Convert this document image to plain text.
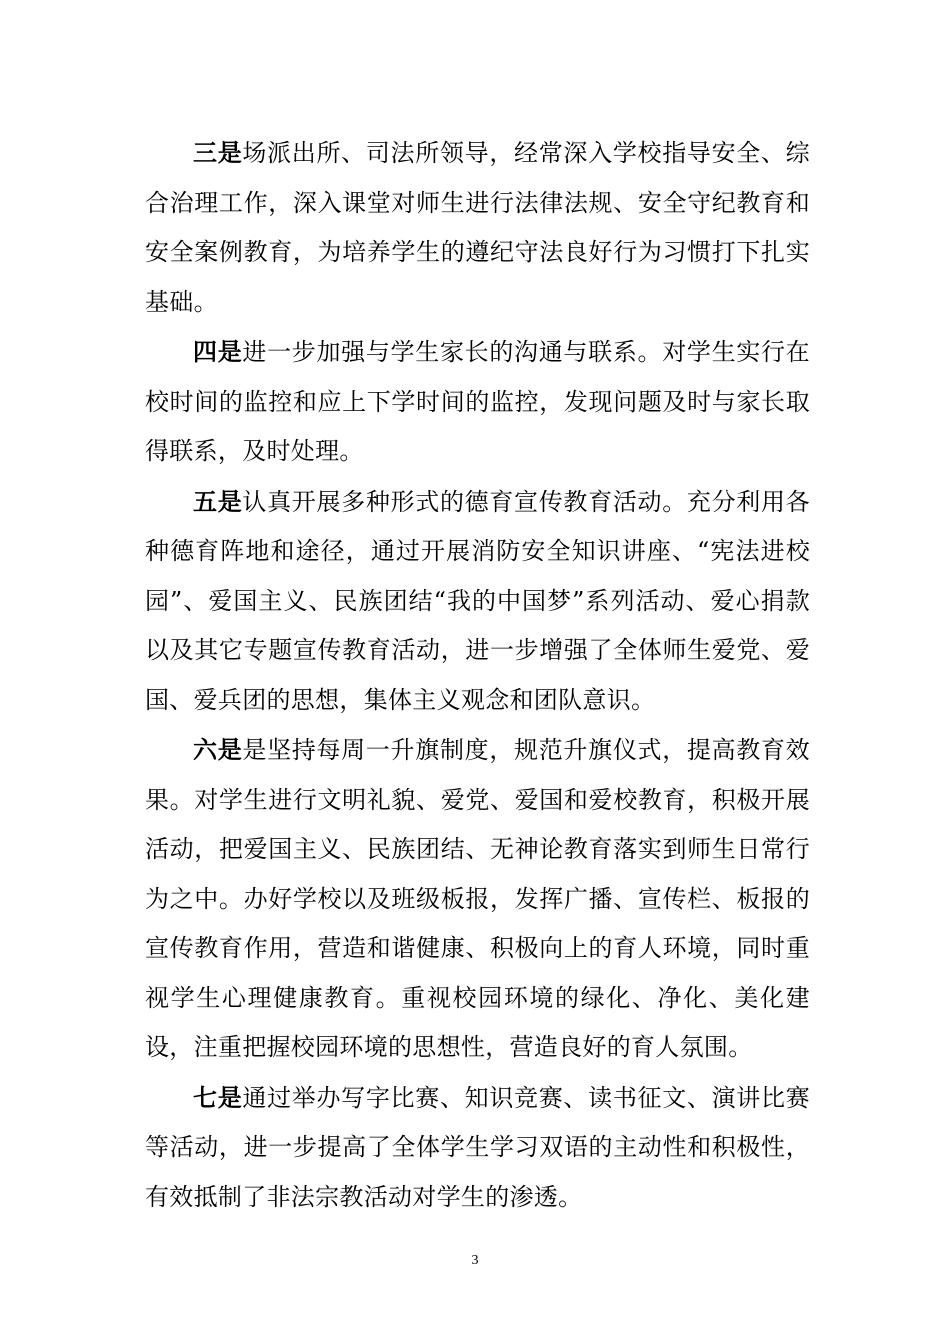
三是场派出所、司法所领导，经常深入学校指导安全、综合治理工作，深入课堂对师生进行法律法规、安全守纪教育和安全案例教育，为培养学生的遵纪守法良好行为习惯打下扎实基础。

四是进一步加强与学生家长的沟通与联系。对学生实行在校时间的监控和应上下学时间的监控，发现问题及时与家长取得联系，及时处理。

五是认真开展多种形式的德育宣传教育活动。充分利用各种德育阵地和途径，通过开展消防安全知识讲座、“宪法进校园”、爱国主义、民族团结“我的中国梦”系列活动、爱心捐款以及其它专题宣传教育活动，进一步增强了全体师生爱党、爱国、爱兵团的思想，集体主义观念和团队意识。

六是是坚持每周一升旗制度，规范升旗仪式，提高教育效果。对学生进行文明礼貌、爱党、爱国和爱校教育，积极开展活动，把爱国主义、民族团结、无神论教育落实到师生日常行为之中。办好学校以及班级板报，发挥广播、宣传栏、板报的宣传教育作用，营造和谐健康、积极向上的育人环境，同时重视学生心理健康教育。重视校园环境的绿化、净化、美化建设，注重把握校园环境的思想性，营造良好的育人氛围。

七是通过举办写字比赛、知识竞赛、读书征文、演讲比赛等活动，进一步提高了全体学生学习双语的主动性和积极性，有效抵制了非法宗教活动对学生的渗透。

3
